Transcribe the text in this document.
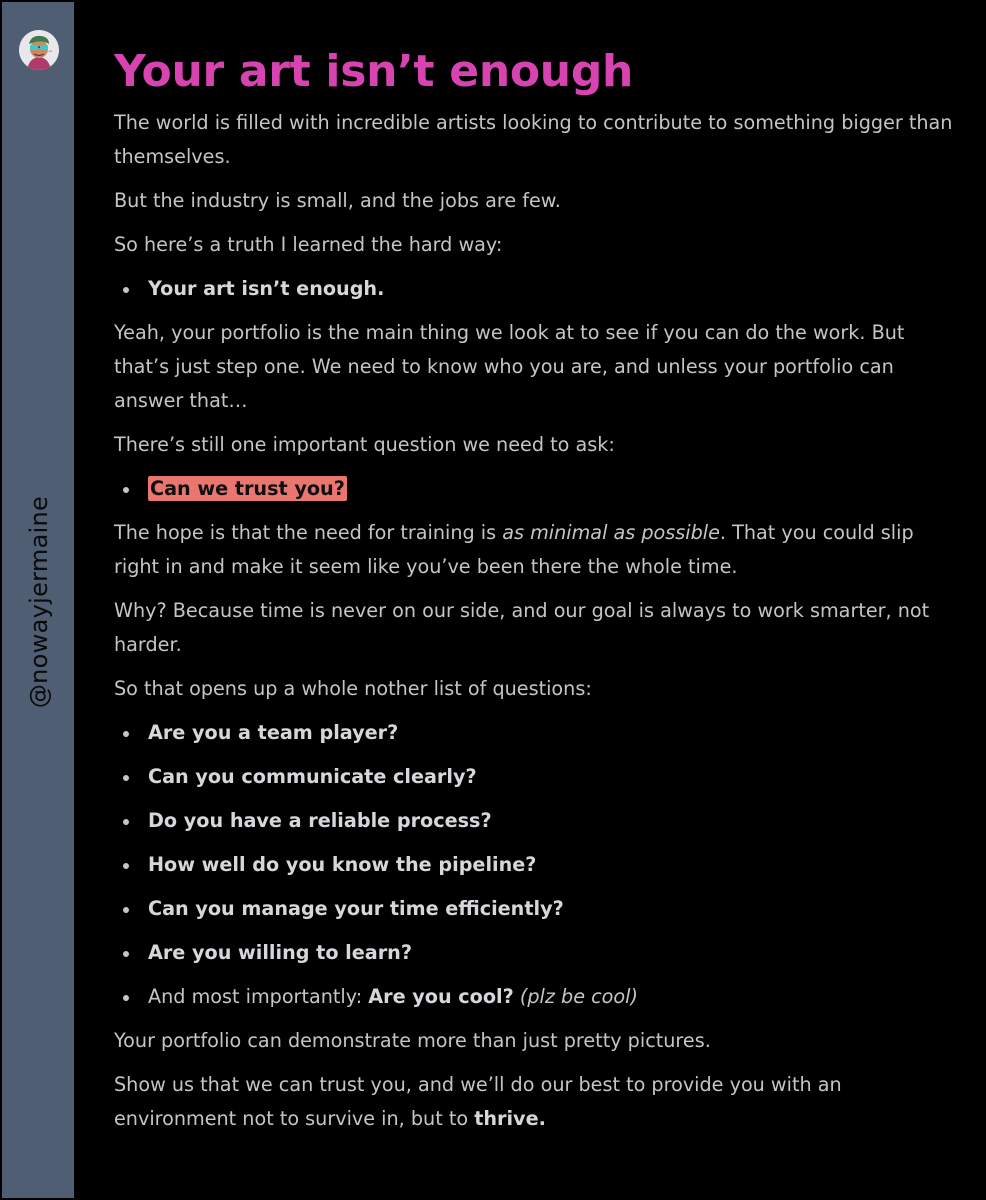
@nowayjermaine
Your art isn’t enough

The world is filled with incredible artists looking to contribute to something bigger than themselves.

But the industry is small, and the jobs are few.

So here’s a truth I learned the hard way:

Your art isn’t enough.

Yeah, your portfolio is the main thing we look at to see if you can do the work. But that’s just step one. We need to know who you are, and unless your portfolio can answer that…

There’s still one important question we need to ask:

Can we trust you?

The hope is that the need for training is as minimal as possible. That you could slip right in and make it seem like you’ve been there the whole time.

Why? Because time is never on our side, and our goal is always to work smarter, not harder.

So that opens up a whole nother list of questions:

Are you a team player?
Can you communicate clearly?
Do you have a reliable process?
How well do you know the pipeline?
Can you manage your time efficiently?
Are you willing to learn?
And most importantly: Are you cool? (plz be cool)

Your portfolio can demonstrate more than just pretty pictures.

Show us that we can trust you, and we’ll do our best to provide you with an environment not to survive in, but to thrive.
